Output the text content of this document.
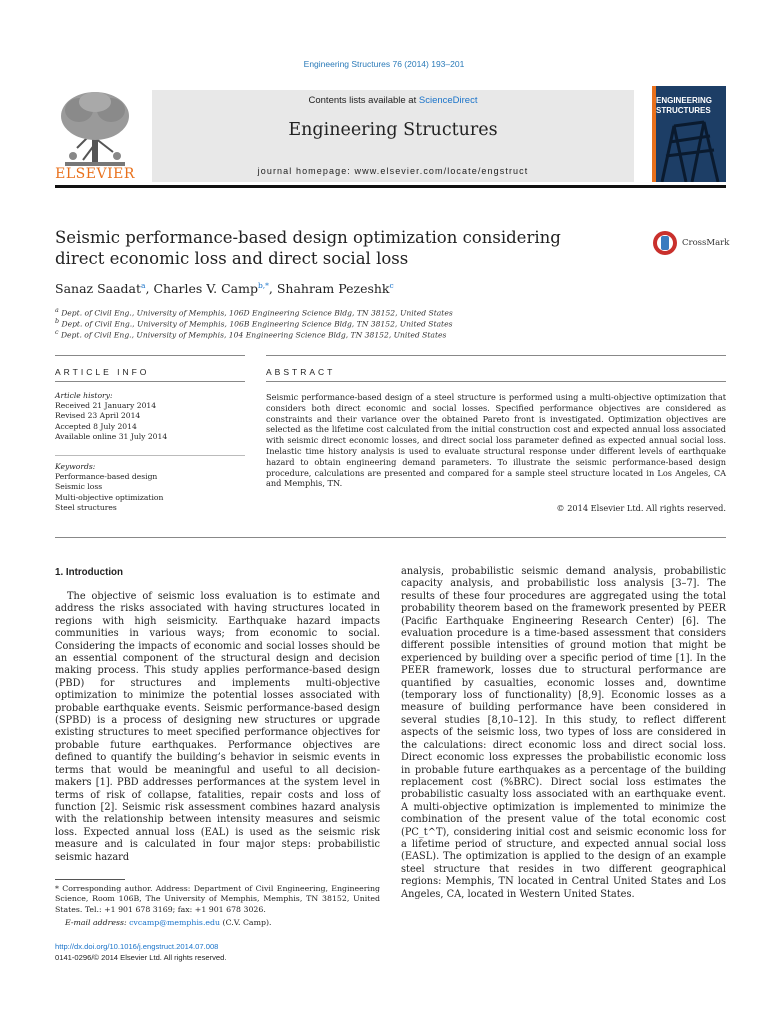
Engineering Structures 76 (2014) 193–201
ELSEVIER
Contents lists available at ScienceDirect
Engineering Structures
journal homepage: www.elsevier.com/locate/engstruct
ENGINEERING
STRUCTURES
Seismic performance-based design optimization considering direct economic loss and direct social loss
CrossMark
Sanaz Saadat$^a$, Charles V. Camp$^{b,*}$, Shahram Pezeshk$^c$
$^a$ Dept. of Civil Eng., University of Memphis, 106D Engineering Science Bldg, TN 38152, United States
$^b$ Dept. of Civil Eng., University of Memphis, 106B Engineering Science Bldg, TN 38152, United States
$^c$ Dept. of Civil Eng., University of Memphis, 104 Engineering Science Bldg, TN 38152, United States
ARTICLE INFO	ABSTRACT
Article history:
Received 21 January 2014
Revised 23 April 2014
Accepted 8 July 2014
Available online 31 July 2014
Keywords:
Performance-based design
Seismic loss
Multi-objective optimization
Steel structures
Seismic performance-based design of a steel structure is performed using a multi-objective optimization that considers both direct economic and social losses. Specified performance objectives are considered as constraints and their variance over the obtained Pareto front is investigated. Optimization objectives are selected as the lifetime cost calculated from the initial construction cost and expected annual loss associated with seismic direct economic losses, and direct social loss parameter defined as expected annual social loss. Inelastic time history analysis is used to evaluate structural response under different levels of earthquake hazard to obtain engineering demand parameters. To illustrate the seismic performance-based design procedure, calculations are presented and compared for a sample steel structure located in Los Angeles, CA and Memphis, TN.
© 2014 Elsevier Ltd. All rights reserved.
1. Introduction

The objective of seismic loss evaluation is to estimate and address the risks associated with having structures located in regions with high seismicity. Earthquake hazard impacts communities in various ways; from economic to social. Considering the impacts of economic and social losses should be an essential component of the structural design and decision making process. This study applies performance-based design (PBD) for structures and implements multi-objective optimization to minimize the potential losses associated with probable earthquake events. Seismic performance-based design (SPBD) is a process of designing new structures or upgrade existing structures to meet specified performance objectives for probable future earthquakes. Performance objectives are defined to quantify the building’s behavior in seismic events in terms that would be meaningful and useful to all decision-makers [1]. PBD addresses performances at the system level in terms of risk of collapse, fatalities, repair costs and loss of function [2]. Seismic risk assessment combines hazard analysis with the relationship between intensity measures and seismic loss. Expected annual loss (EAL) is used as the seismic risk measure and is calculated in four major steps: probabilistic seismic hazard

analysis, probabilistic seismic demand analysis, probabilistic capacity analysis, and probabilistic loss analysis [3–7]. The results of these four procedures are aggregated using the total probability theorem based on the framework presented by PEER (Pacific Earthquake Engineering Research Center) [6]. The evaluation procedure is a time-based assessment that considers different possible intensities of ground motion that might be experienced by building over a specific period of time [1]. In the PEER framework, losses due to structural performance are quantified by casualties, economic losses and, downtime (temporary loss of functionality) [8,9]. Economic losses as a measure of building performance have been considered in several studies [8,10–12]. In this study, to reflect different aspects of the seismic loss, two types of loss are considered in the calculations: direct economic loss and direct social loss. Direct economic loss expresses the probabilistic economic loss in probable future earthquakes as a percentage of the building replacement cost (%BRC). Direct social loss estimates the probabilistic casualty loss associated with an earthquake event. A multi-objective optimization is implemented to minimize the combination of the present value of the total economic cost (PC_t^T), considering initial cost and seismic economic loss for a lifetime period of structure, and expected annual social loss (EASL). The optimization is applied to the design of an example steel structure that resides in two different geographical regions: Memphis, TN located in Central United States and Los Angeles, CA, located in Western United States.

* Corresponding author. Address: Department of Civil Engineering, Engineering Science, Room 106B, The University of Memphis, Memphis, TN 38152, United States. Tel.: +1 901 678 3169; fax: +1 901 678 3026.
E-mail address: cvcamp@memphis.edu (C.V. Camp).
http://dx.doi.org/10.1016/j.engstruct.2014.07.008
0141-0296/© 2014 Elsevier Ltd. All rights reserved.
